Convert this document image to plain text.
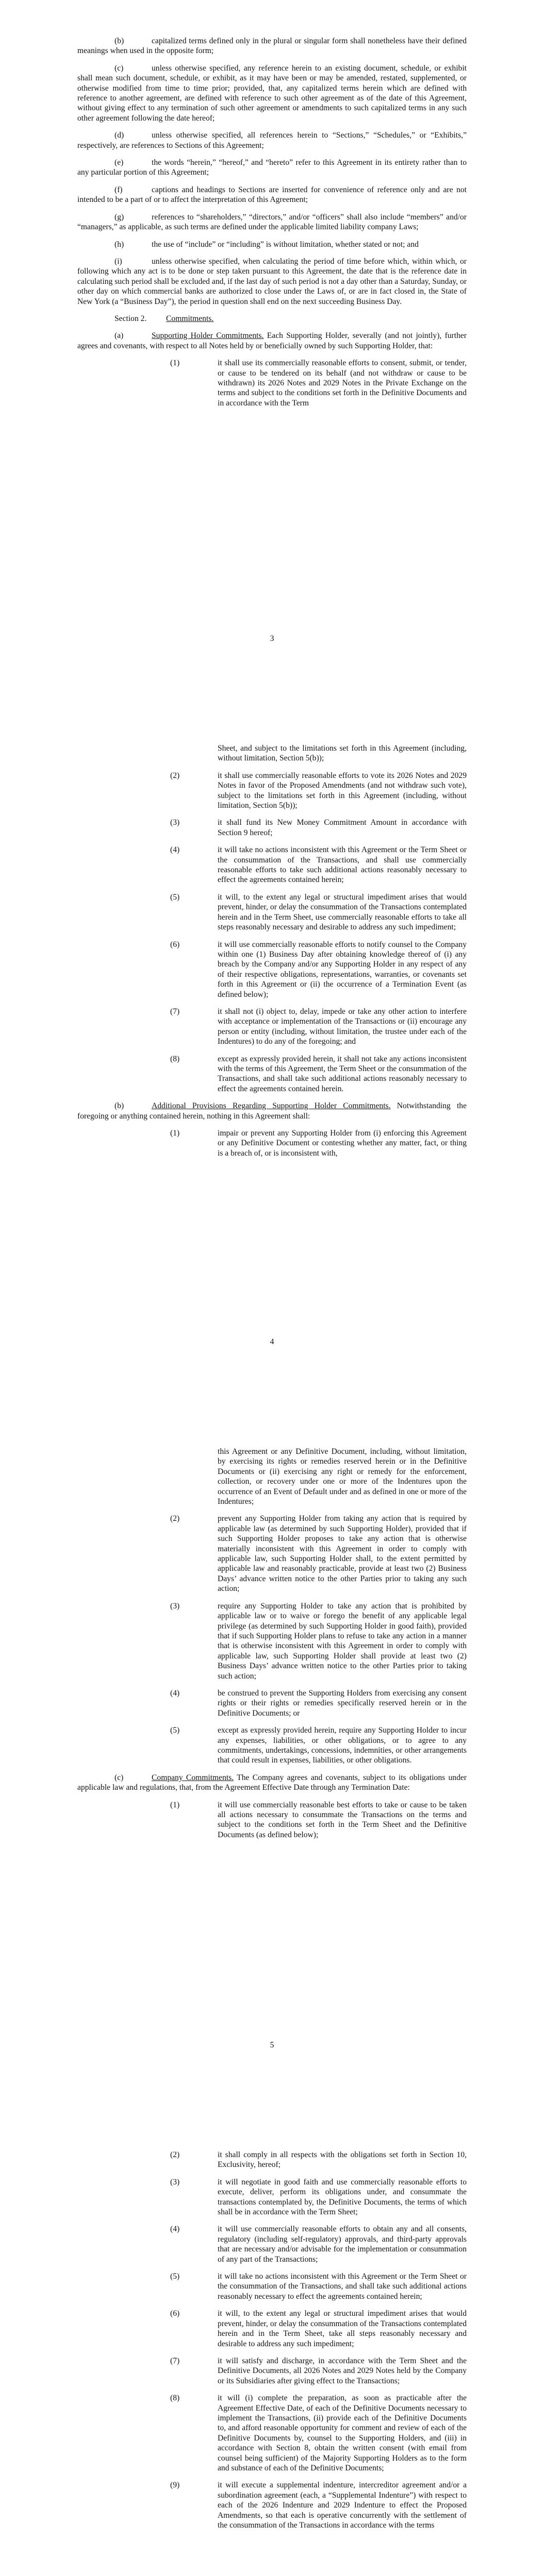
(b)	capitalized terms defined only in the plural or singular form shall nonetheless have their defined meanings when used in the opposite form;

(c)	unless otherwise specified, any reference herein to an existing document, schedule, or exhibit shall mean such document, schedule, or exhibit, as it may have been or may be amended, restated, supplemented, or otherwise modified from time to time prior; provided, that, any capitalized terms herein which are defined with reference to another agreement, are defined with reference to such other agreement as of the date of this Agreement, without giving effect to any termination of such other agreement or amendments to such capitalized terms in any such other agreement following the date hereof;

(d)	unless otherwise specified, all references herein to “Sections,” “Schedules,” or “Exhibits,” respectively, are references to Sections of this Agreement;

(e)	the words “herein,” “hereof,” and “hereto” refer to this Agreement in its entirety rather than to any particular portion of this Agreement;

(f)	captions and headings to Sections are inserted for convenience of reference only and are not intended to be a part of or to affect the interpretation of this Agreement;

(g)	references to “shareholders,” “directors,” and/or “officers” shall also include “members” and/or “managers,” as applicable, as such terms are defined under the applicable limited liability company Laws;

(h)	the use of “include” or “including” is without limitation, whether stated or not; and

(i)	unless otherwise specified, when calculating the period of time before which, within which, or following which any act is to be done or step taken pursuant to this Agreement, the date that is the reference date in calculating such period shall be excluded and, if the last day of such period is not a day other than a Saturday, Sunday, or other day on which commercial banks are authorized to close under the Laws of, or are in fact closed in, the State of New York (a “Business Day”), the period in question shall end on the next succeeding Business Day.

Section 2. Commitments.

(a)	Supporting Holder Commitments. Each Supporting Holder, severally (and not jointly), further agrees and covenants, with respect to all Notes held by or beneficially owned by such Supporting Holder, that:

(1)	it shall use its commercially reasonable efforts to consent, submit, or tender, or cause to be tendered on its behalf (and not withdraw or cause to be withdrawn) its 2026 Notes and 2029 Notes in the Private Exchange on the terms and subject to the conditions set forth in the Definitive Documents and in accordance with the Term
3
Sheet, and subject to the limitations set forth in this Agreement (including, without limitation, Section 5(b));
(2)	it shall use commercially reasonable efforts to vote its 2026 Notes and 2029 Notes in favor of the Proposed Amendments (and not withdraw such vote), subject to the limitations set forth in this Agreement (including, without limitation, Section 5(b));
(3)	it shall fund its New Money Commitment Amount in accordance with Section 9 hereof;
(4)	it will take no actions inconsistent with this Agreement or the Term Sheet or the consummation of the Transactions, and shall use commercially reasonable efforts to take such additional actions reasonably necessary to effect the agreements contained herein;
(5)	it will, to the extent any legal or structural impediment arises that would prevent, hinder, or delay the consummation of the Transactions contemplated herein and in the Term Sheet, use commercially reasonable efforts to take all steps reasonably necessary and desirable to address any such impediment;
(6)	it will use commercially reasonable efforts to notify counsel to the Company within one (1) Business Day after obtaining knowledge thereof of (i) any breach by the Company and/or any Supporting Holder in any respect of any of their respective obligations, representations, warranties, or covenants set forth in this Agreement or (ii) the occurrence of a Termination Event (as defined below);
(7)	it shall not (i) object to, delay, impede or take any other action to interfere with acceptance or implementation of the Transactions or (ii) encourage any person or entity (including, without limitation, the trustee under each of the Indentures) to do any of the foregoing; and
(8)	except as expressly provided herein, it shall not take any actions inconsistent with the terms of this Agreement, the Term Sheet or the consummation of the Transactions, and shall take such additional actions reasonably necessary to effect the agreements contained herein.

(b)	Additional Provisions Regarding Supporting Holder Commitments. Notwithstanding the foregoing or anything contained herein, nothing in this Agreement shall:

(1)	impair or prevent any Supporting Holder from (i) enforcing this Agreement or any Definitive Document or contesting whether any matter, fact, or thing is a breach of, or is inconsistent with,
4
this Agreement or any Definitive Document, including, without limitation, by exercising its rights or remedies reserved herein or in the Definitive Documents or (ii) exercising any right or remedy for the enforcement, collection, or recovery under one or more of the Indentures upon the occurrence of an Event of Default under and as defined in one or more of the Indentures;
(2)	prevent any Supporting Holder from taking any action that is required by applicable law (as determined by such Supporting Holder), provided that if such Supporting Holder proposes to take any action that is otherwise materially inconsistent with this Agreement in order to comply with applicable law, such Supporting Holder shall, to the extent permitted by applicable law and reasonably practicable, provide at least two (2) Business Days’ advance written notice to the other Parties prior to taking any such action;
(3)	require any Supporting Holder to take any action that is prohibited by applicable law or to waive or forego the benefit of any applicable legal privilege (as determined by such Supporting Holder in good faith), provided that if such Supporting Holder plans to refuse to take any action in a manner that is otherwise inconsistent with this Agreement in order to comply with applicable law, such Supporting Holder shall provide at least two (2) Business Days’ advance written notice to the other Parties prior to taking such action;
(4)	be construed to prevent the Supporting Holders from exercising any consent rights or their rights or remedies specifically reserved herein or in the Definitive Documents; or
(5)	except as expressly provided herein, require any Supporting Holder to incur any expenses, liabilities, or other obligations, or to agree to any commitments, undertakings, concessions, indemnities, or other arrangements that could result in expenses, liabilities, or other obligations.

(c)	Company Commitments. The Company agrees and covenants, subject to its obligations under applicable law and regulations, that, from the Agreement Effective Date through any Termination Date:

(1)	it will use commercially reasonable best efforts to take or cause to be taken all actions necessary to consummate the Transactions on the terms and subject to the conditions set forth in the Term Sheet and the Definitive Documents (as defined below);
5
(2)	it shall comply in all respects with the obligations set forth in Section 10, Exclusivity, hereof;
(3)	it will negotiate in good faith and use commercially reasonable efforts to execute, deliver, perform its obligations under, and consummate the transactions contemplated by, the Definitive Documents, the terms of which shall be in accordance with the Term Sheet;
(4)	it will use commercially reasonable efforts to obtain any and all consents, regulatory (including self-regulatory) approvals, and third-party approvals that are necessary and/or advisable for the implementation or consummation of any part of the Transactions;
(5)	it will take no actions inconsistent with this Agreement or the Term Sheet or the consummation of the Transactions, and shall take such additional actions reasonably necessary to effect the agreements contained herein;
(6)	it will, to the extent any legal or structural impediment arises that would prevent, hinder, or delay the consummation of the Transactions contemplated herein and in the Term Sheet, take all steps reasonably necessary and desirable to address any such impediment;
(7)	it will satisfy and discharge, in accordance with the Term Sheet and the Definitive Documents, all 2026 Notes and 2029 Notes held by the Company or its Subsidiaries after giving effect to the Transactions;
(8)	it will (i) complete the preparation, as soon as practicable after the Agreement Effective Date, of each of the Definitive Documents necessary to implement the Transactions, (ii) provide each of the Definitive Documents to, and afford reasonable opportunity for comment and review of each of the Definitive Documents by, counsel to the Supporting Holders, and (iii) in accordance with Section 8, obtain the written consent (with email from counsel being sufficient) of the Majority Supporting Holders as to the form and substance of each of the Definitive Documents;
(9)	it will execute a supplemental indenture, intercreditor agreement and/or a subordination agreement (each, a “Supplemental Indenture”) with respect to each of the 2026 Indenture and 2029 Indenture to effect the Proposed Amendments, so that each is operative concurrently with the settlement of the consummation of the Transactions in accordance with the terms
